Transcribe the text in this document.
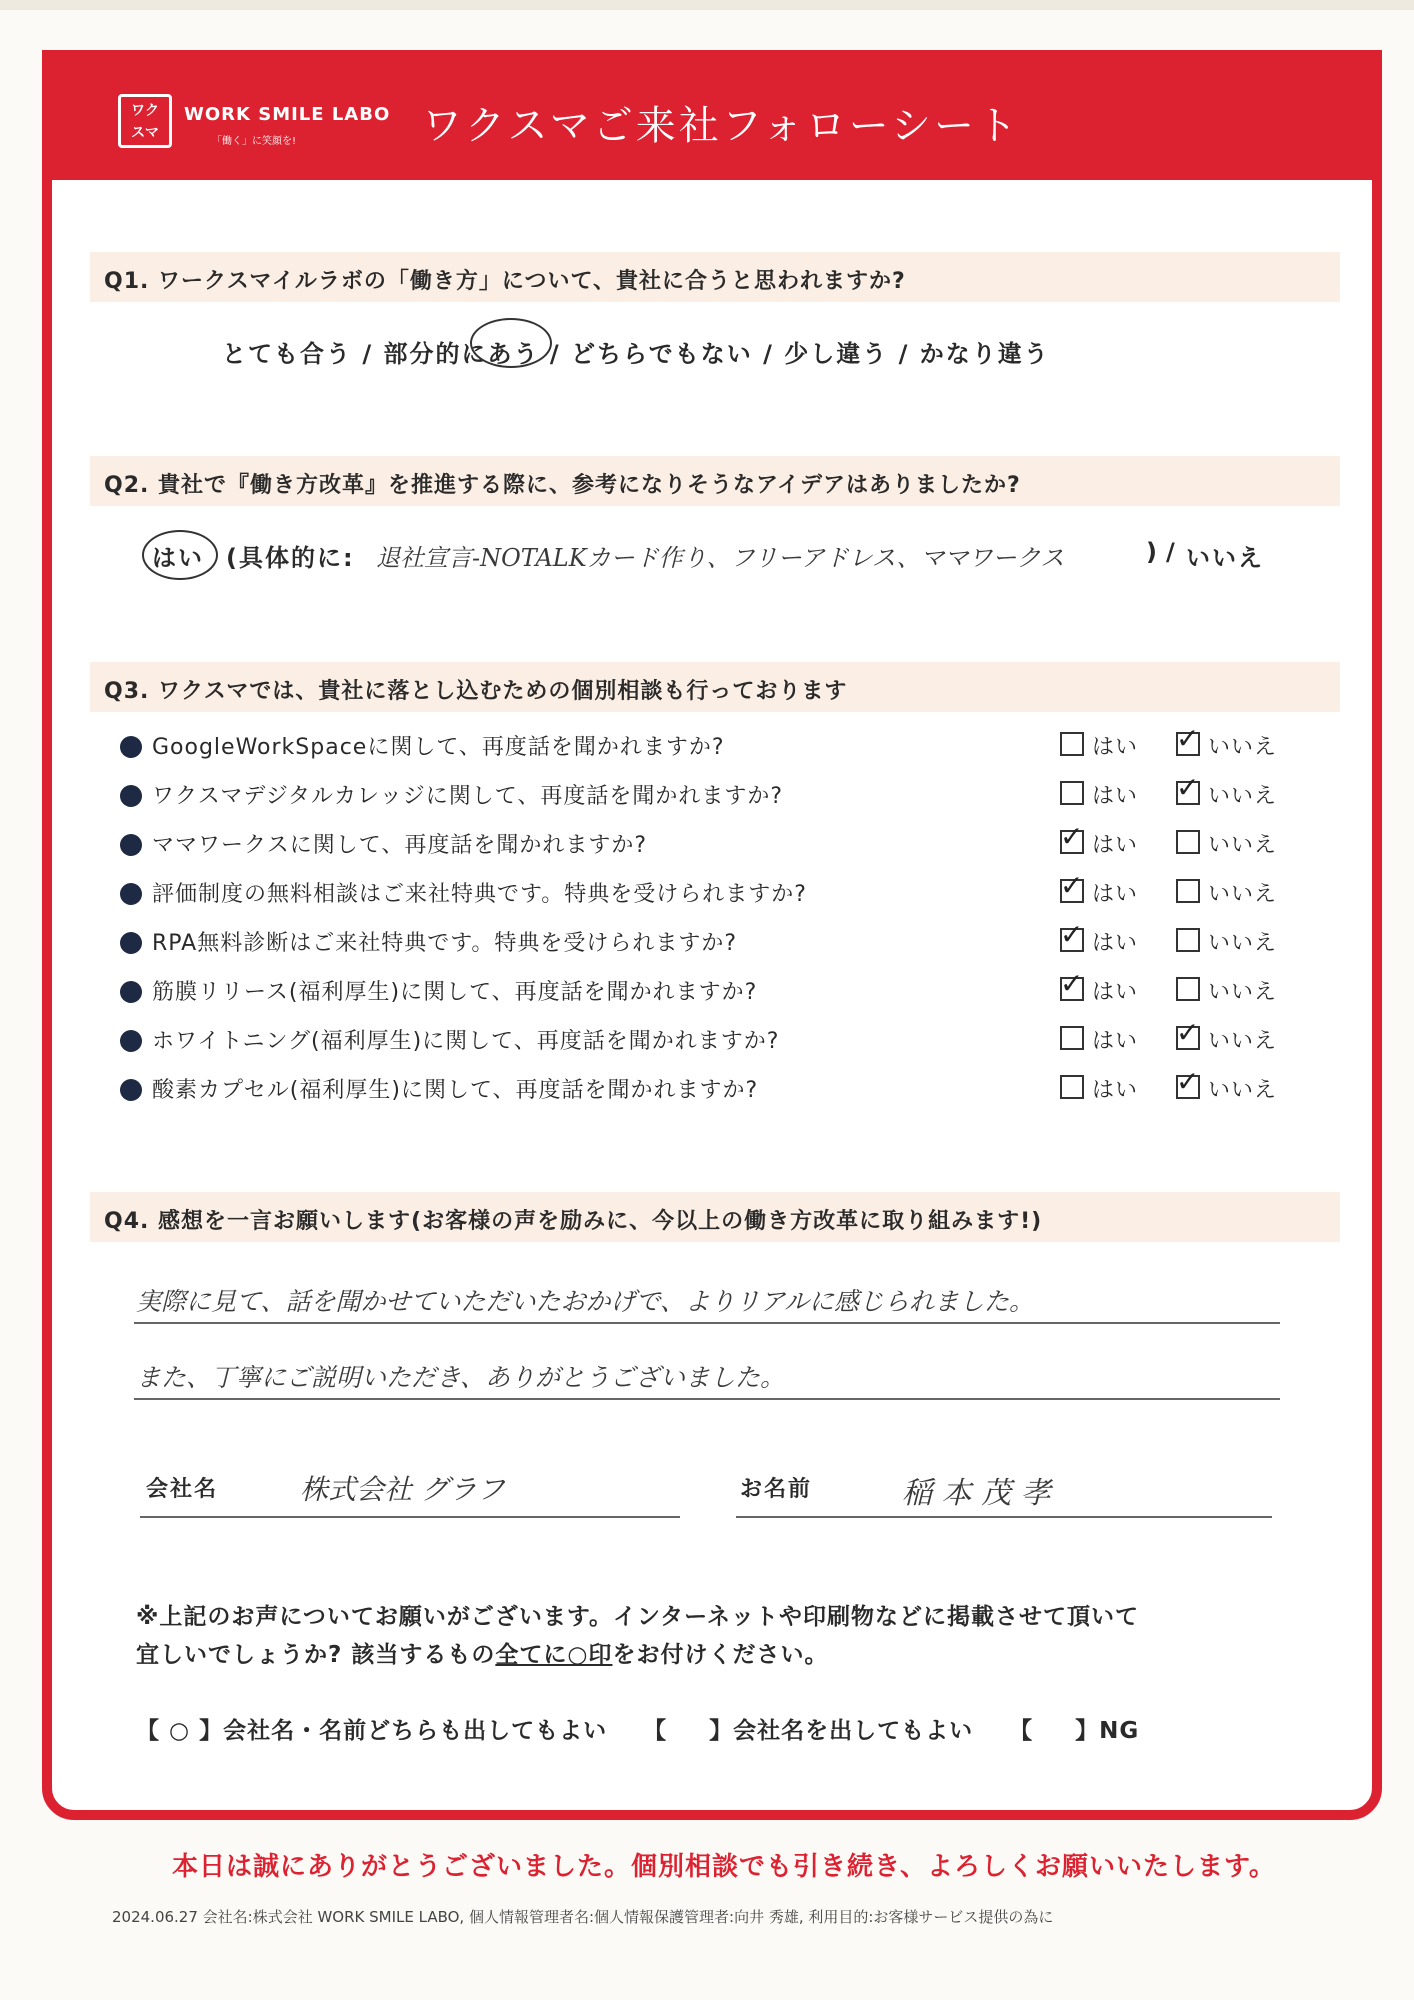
ワク
スマ
WORK SMILE LABO
「働く」に笑顔を!	ワクスマご来社フォローシート
Q1. ワークスマイルラボの「働き方」について、貴社に合うと思われますか?
とても合う / 部分的にあう / どちらでもない / 少し違う / かなり違う
Q2. 貴社で『働き方改革』を推進する際に、参考になりそうなアイデアはありましたか?
はい (具体的に: 退社宣言-NOTALKカード作り、フリーアドレス、ママワークス	) / いいえ
Q3. ワクスマでは、貴社に落とし込むための個別相談も行っております
GoogleWorkSpaceに関して、再度話を聞かれますか?	はい ✓ いいえ
ワクスマデジタルカレッジに関して、再度話を聞かれますか?	はい ✓ いいえ
ママワークスに関して、再度話を聞かれますか?	✓ はい	いいえ
評価制度の無料相談はご来社特典です。特典を受けられますか?	✓ はい	いいえ
RPA無料診断はご来社特典です。特典を受けられますか?	✓ はい	いいえ
筋膜リリース(福利厚生)に関して、再度話を聞かれますか?	✓ はい	いいえ
ホワイトニング(福利厚生)に関して、再度話を聞かれますか?	はい ✓ いいえ
酸素カプセル(福利厚生)に関して、再度話を聞かれますか?	はい ✓ いいえ
Q4. 感想を一言お願いします(お客様の声を励みに、今以上の働き方改革に取り組みます!)
実際に見て、話を聞かせていただいたおかげで、よりリアルに感じられました。
また、丁寧にご説明いただき、ありがとうございました。
会社名	株式会社 グラフ	お名前	稲 本 茂 孝
※上記のお声についてお願いがございます。インターネットや印刷物などに掲載させて頂いて
宜しいでしょうか? 該当するもの全てに○印をお付けください。
【 ○ 】会社名・名前どちらも出してもよい 【 】会社名を出してもよい 【 】NG
本日は誠にありがとうございました。個別相談でも引き続き、よろしくお願いいたします。
2024.06.27 会社名:株式会社 WORK SMILE LABO, 個人情報管理者名:個人情報保護管理者:向井 秀雄, 利用目的:お客様サービス提供の為に
